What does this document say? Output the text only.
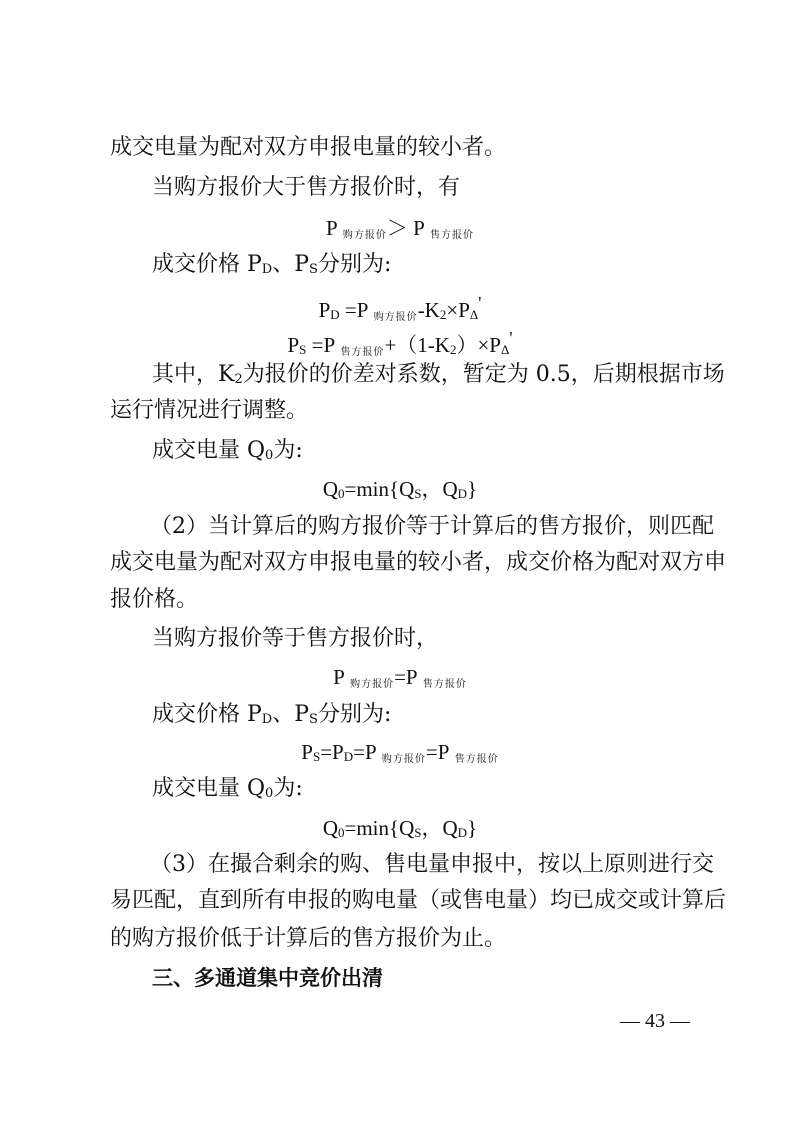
成交电量为配对双方申报电量的较小者。
当购方报价大于售方报价时，有
P 购方报价＞ P 售方报价
成交价格 PD、PS分别为:
PD =P 购方报价-K2×PΔ'
PS =P 售方报价+（1-K2）×PΔ'
其中，K2为报价的价差对系数，暂定为 0.5，后期根据市场
运行情况进行调整。
成交电量 Q0为:
Q0=min{QS，QD}
（2）当计算后的购方报价等于计算后的售方报价，则匹配
成交电量为配对双方申报电量的较小者，成交价格为配对双方申
报价格。
当购方报价等于售方报价时，
P 购方报价=P 售方报价
成交价格 PD、PS分别为:
PS=PD=P 购方报价=P 售方报价
成交电量 Q0为:
Q0=min{QS，QD}
（3）在撮合剩余的购、售电量申报中，按以上原则进行交
易匹配，直到所有申报的购电量（或售电量）均已成交或计算后
的购方报价低于计算后的售方报价为止。
三、多通道集中竞价出清
— 43 —
